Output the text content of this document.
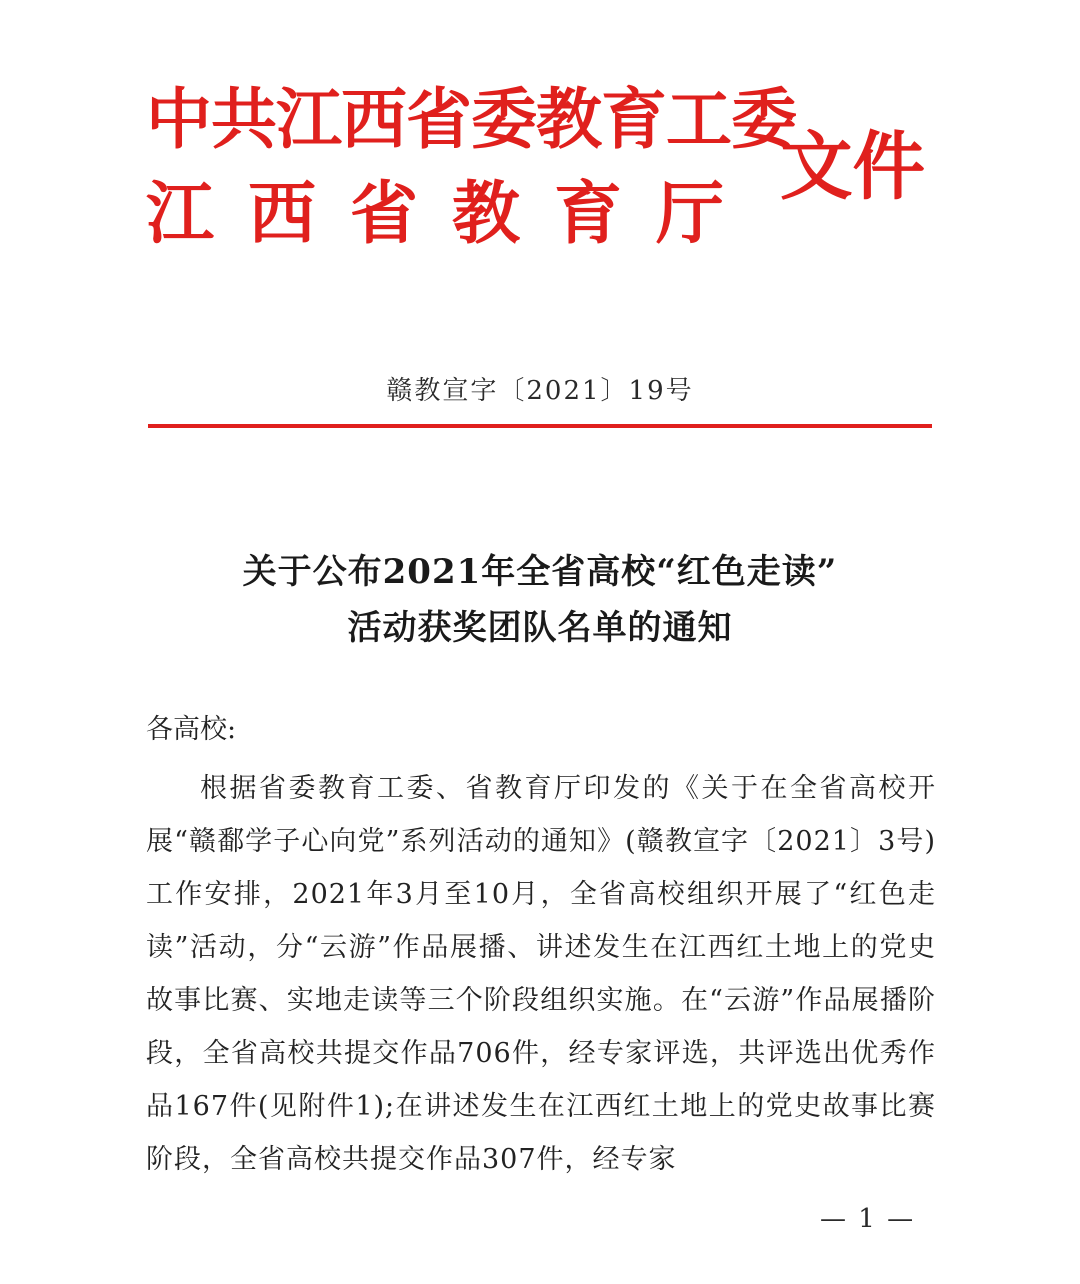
中共江西省委教育工委
江西省教育厅
文件
赣教宣字〔2021〕19号
关于公布2021年全省高校“红色走读”
活动获奖团队名单的通知
各高校:

根据省委教育工委、省教育厅印发的《关于在全省高校开展“赣鄱学子心向党”系列活动的通知》(赣教宣字〔2021〕3号)工作安排，2021年3月至10月，全省高校组织开展了“红色走读”活动，分“云游”作品展播、讲述发生在江西红土地上的党史故事比赛、实地走读等三个阶段组织实施。在“云游”作品展播阶段，全省高校共提交作品706件，经专家评选，共评选出优秀作品167件(见附件1);在讲述发生在江西红土地上的党史故事比赛阶段，全省高校共提交作品307件，经专家

— 1 —
